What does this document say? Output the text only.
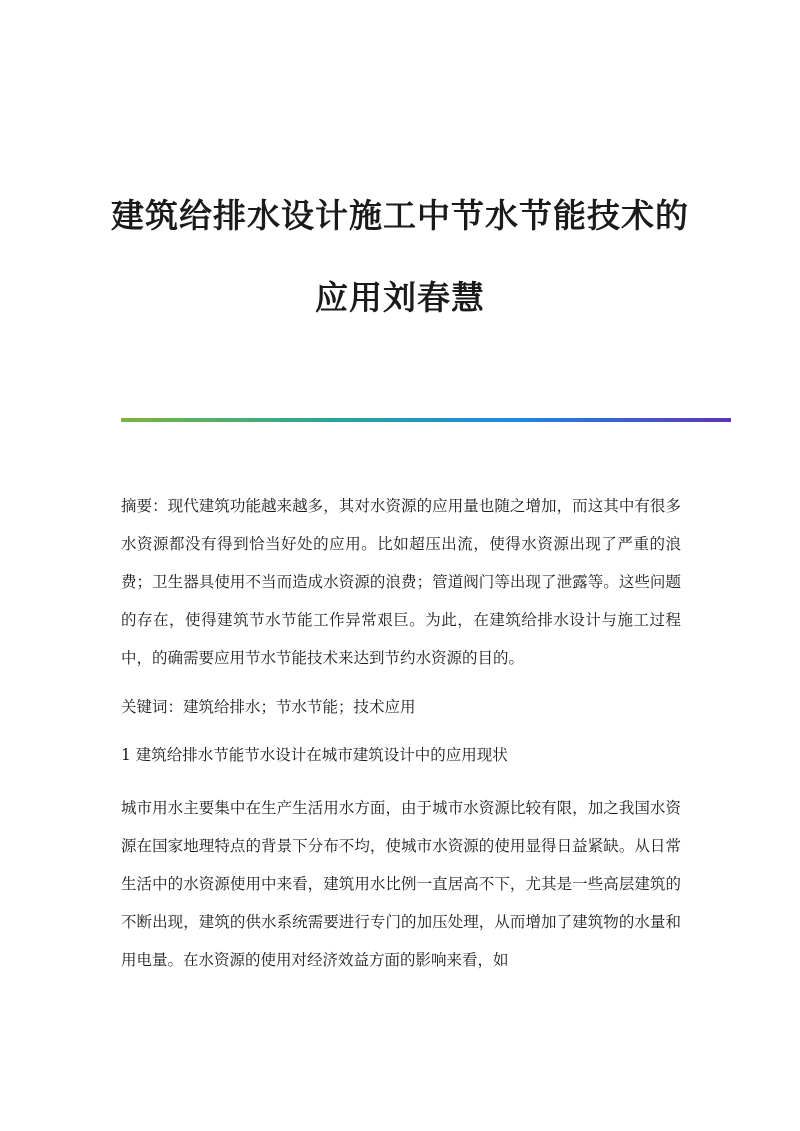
建筑给排水设计施工中节水节能技术的
应用刘春慧

摘要：现代建筑功能越来越多，其对水资源的应用量也随之增加，而这其中有很多水资源都没有得到恰当好处的应用。比如超压出流，使得水资源出现了严重的浪费；卫生器具使用不当而造成水资源的浪费；管道阀门等出现了泄露等。这些问题的存在，使得建筑节水节能工作异常艰巨。为此，在建筑给排水设计与施工过程中，的确需要应用节水节能技术来达到节约水资源的目的。

关键词：建筑给排水；节水节能；技术应用

1 建筑给排水节能节水设计在城市建筑设计中的应用现状

城市用水主要集中在生产生活用水方面，由于城市水资源比较有限，加之我国水资源在国家地理特点的背景下分布不均，使城市水资源的使用显得日益紧缺。从日常生活中的水资源使用中来看，建筑用水比例一直居高不下，尤其是一些高层建筑的不断出现，建筑的供水系统需要进行专门的加压处理，从而增加了建筑物的水量和用电量。在水资源的使用对经济效益方面的影响来看，如
